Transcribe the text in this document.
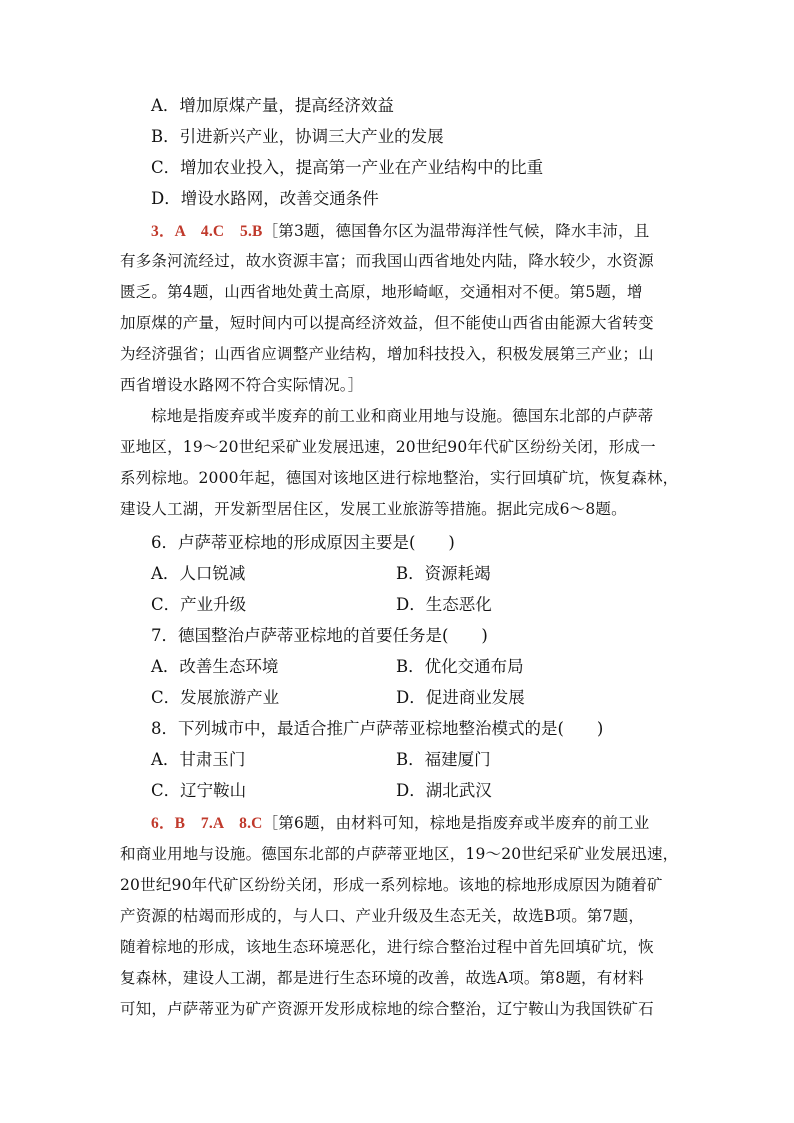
A．增加原煤产量，提高经济效益
B．引进新兴产业，协调三大产业的发展
C．增加农业投入，提高第一产业在产业结构中的比重
D．增设水路网，改善交通条件
3．A　4.C　5.B［第3题，德国鲁尔区为温带海洋性气候，降水丰沛，且
有多条河流经过，故水资源丰富；而我国山西省地处内陆，降水较少，水资源
匮乏。第4题，山西省地处黄土高原，地形崎岖，交通相对不便。第5题，增
加原煤的产量，短时间内可以提高经济效益，但不能使山西省由能源大省转变
为经济强省；山西省应调整产业结构，增加科技投入，积极发展第三产业；山
西省增设水路网不符合实际情况。］
棕地是指废弃或半废弃的前工业和商业用地与设施。德国东北部的卢萨蒂
亚地区，19～20世纪采矿业发展迅速，20世纪90年代矿区纷纷关闭，形成一
系列棕地。2000年起，德国对该地区进行棕地整治，实行回填矿坑，恢复森林，
建设人工湖，开发新型居住区，发展工业旅游等措施。据此完成6～8题。
6．卢萨蒂亚棕地的形成原因主要是(　　)
A．人口锐减	B．资源耗竭
C．产业升级	D．生态恶化
7．德国整治卢萨蒂亚棕地的首要任务是(　　)
A．改善生态环境	B．优化交通布局
C．发展旅游产业	D．促进商业发展
8．下列城市中，最适合推广卢萨蒂亚棕地整治模式的是(　　)
A．甘肃玉门	B．福建厦门
C．辽宁鞍山	D．湖北武汉
6．B　7.A　8.C［第6题，由材料可知，棕地是指废弃或半废弃的前工业
和商业用地与设施。德国东北部的卢萨蒂亚地区，19～20世纪采矿业发展迅速，
20世纪90年代矿区纷纷关闭，形成一系列棕地。该地的棕地形成原因为随着矿
产资源的枯竭而形成的，与人口、产业升级及生态无关，故选B项。第7题，
随着棕地的形成，该地生态环境恶化，进行综合整治过程中首先回填矿坑，恢
复森林，建设人工湖，都是进行生态环境的改善，故选A项。第8题，有材料
可知，卢萨蒂亚为矿产资源开发形成棕地的综合整治，辽宁鞍山为我国铁矿石
